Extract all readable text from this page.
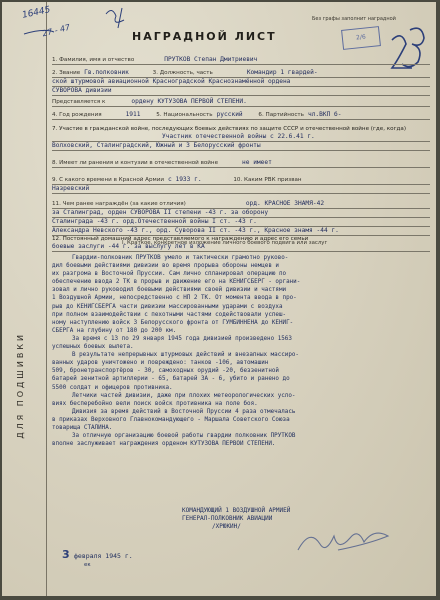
ДЛЯ ПОДШИВКИ
16445
27 - 47
Без графы заполнит наградной
2/6
НАГРАДНОЙ ЛИСТ
1. Фамилия, имя и отчество	ПРУТКОВ Степан Дмитриевич
2. Звание Гв.полковник	3. Должность, часть	Командир 1 гвардей-
ской штурмовой авиационной Красноградской Краснознамённой ордена
СУВОРОВА дивизии
Представляется к	ордену КУТУЗОВА ПЕРВОЙ СТЕПЕНИ.
4. Год рождения	1911	5. Национальность русский	6. Партийность чл.ВКП б-
7. Участие в гражданской войне, последующих боевых действиях по защите СССР и отечественной войне (где, когда)
Участник отечественной войны с 22.6.41 г.
Волховский, Сталинградский, Южный и 3 Белорусский фронты
8. Имеет ли ранения и контузии в отечественной войне	не имеет
9. С какого времени в Красной Армии с 1933 г.	10. Каким РВК призван
Назревский
11. Чем ранее награждён (за какие отличия)	орд. КРАСНОЕ ЗНАМЯ-42
за Сталинград, орден СУВОРОВА II степени -43 г. за оборону
Сталинграда -43 г. орд.Отечественной войны I ст. -43 г.
Александра Невского -43 г., орд. Суворова II ст. -43 г., Красное знамя -44 г.
12. Постоянный домашний адрес представляемого к награждению и адрес его семьи
боевые заслуги -44 г. за выслугу лет в КА
I. Краткое, конкретное изложение личного боевого подвига или заслуг
Гвардии-полковник ПРУТКОВ умело и тактически грамотно руково-
дил боевыми действиями дивизии во время прорыва обороны немцев и
их разгрома в Восточной Пруссии. Сам лично спланировал операцию по
обеспечению ввода 2 ТК в прорыв и движение его на КЕНИГСБЕРГ - органи-
зовал и лично руководил боевыми действиями своей дивизии и частями
1 Воздушной Армии, непосредственно с НП 2 ТК. От момента ввода в про-
рыв до КЕНИГСБЕРГА части дивизии массированными ударами с воздуха
при полном взаимодействии с пехотными частями содействовали успеш-
ному наступлению войск 3 Белорусского фронта от ГУМБИННЕНА до КЕНИГ-
СБЕРГА на глубину от 180 до 200 км.
За время с 13 по 29 января 1945 года дивизией произведено 1563
успешных боевых вылета.
В результате непрерывных штурмовых действий и внезапных массиро-
ванных ударов уничтожено и повреждено: танков -106, автомашин
509, бронетранспортёров - 30, самоходных орудий -20, беззенитной
батарей зенитной артиллерии - 65, батарей ЗА - 6, убито и ранено до
5500 солдат и офицеров противника.
Летчики частей дивизии, даже при плохих метеорологических усло-
виях бесперебойно вели поиск войск противника на поле боя.
Дивизия за время действий в Восточной Пруссии 4 раза отмечалась
в приказах Верховного Главнокомандующего - Маршала Советского Союза
товарища СТАЛИНА.
За отличную организацию боевой работы гвардии полковник ПРУТКОВ
вполне заслуживает награждения орденом КУТУЗОВА ПЕРВОЙ СТЕПЕНИ.
КОМАНДУЮЩИЙ 1 ВОЗДУШНОЙ АРМИЕЙ
ГЕНЕРАЛ-ПОЛКОВНИК АВИАЦИИ
/ХРЮКИН/
3 февраля 1945 г.
ек
